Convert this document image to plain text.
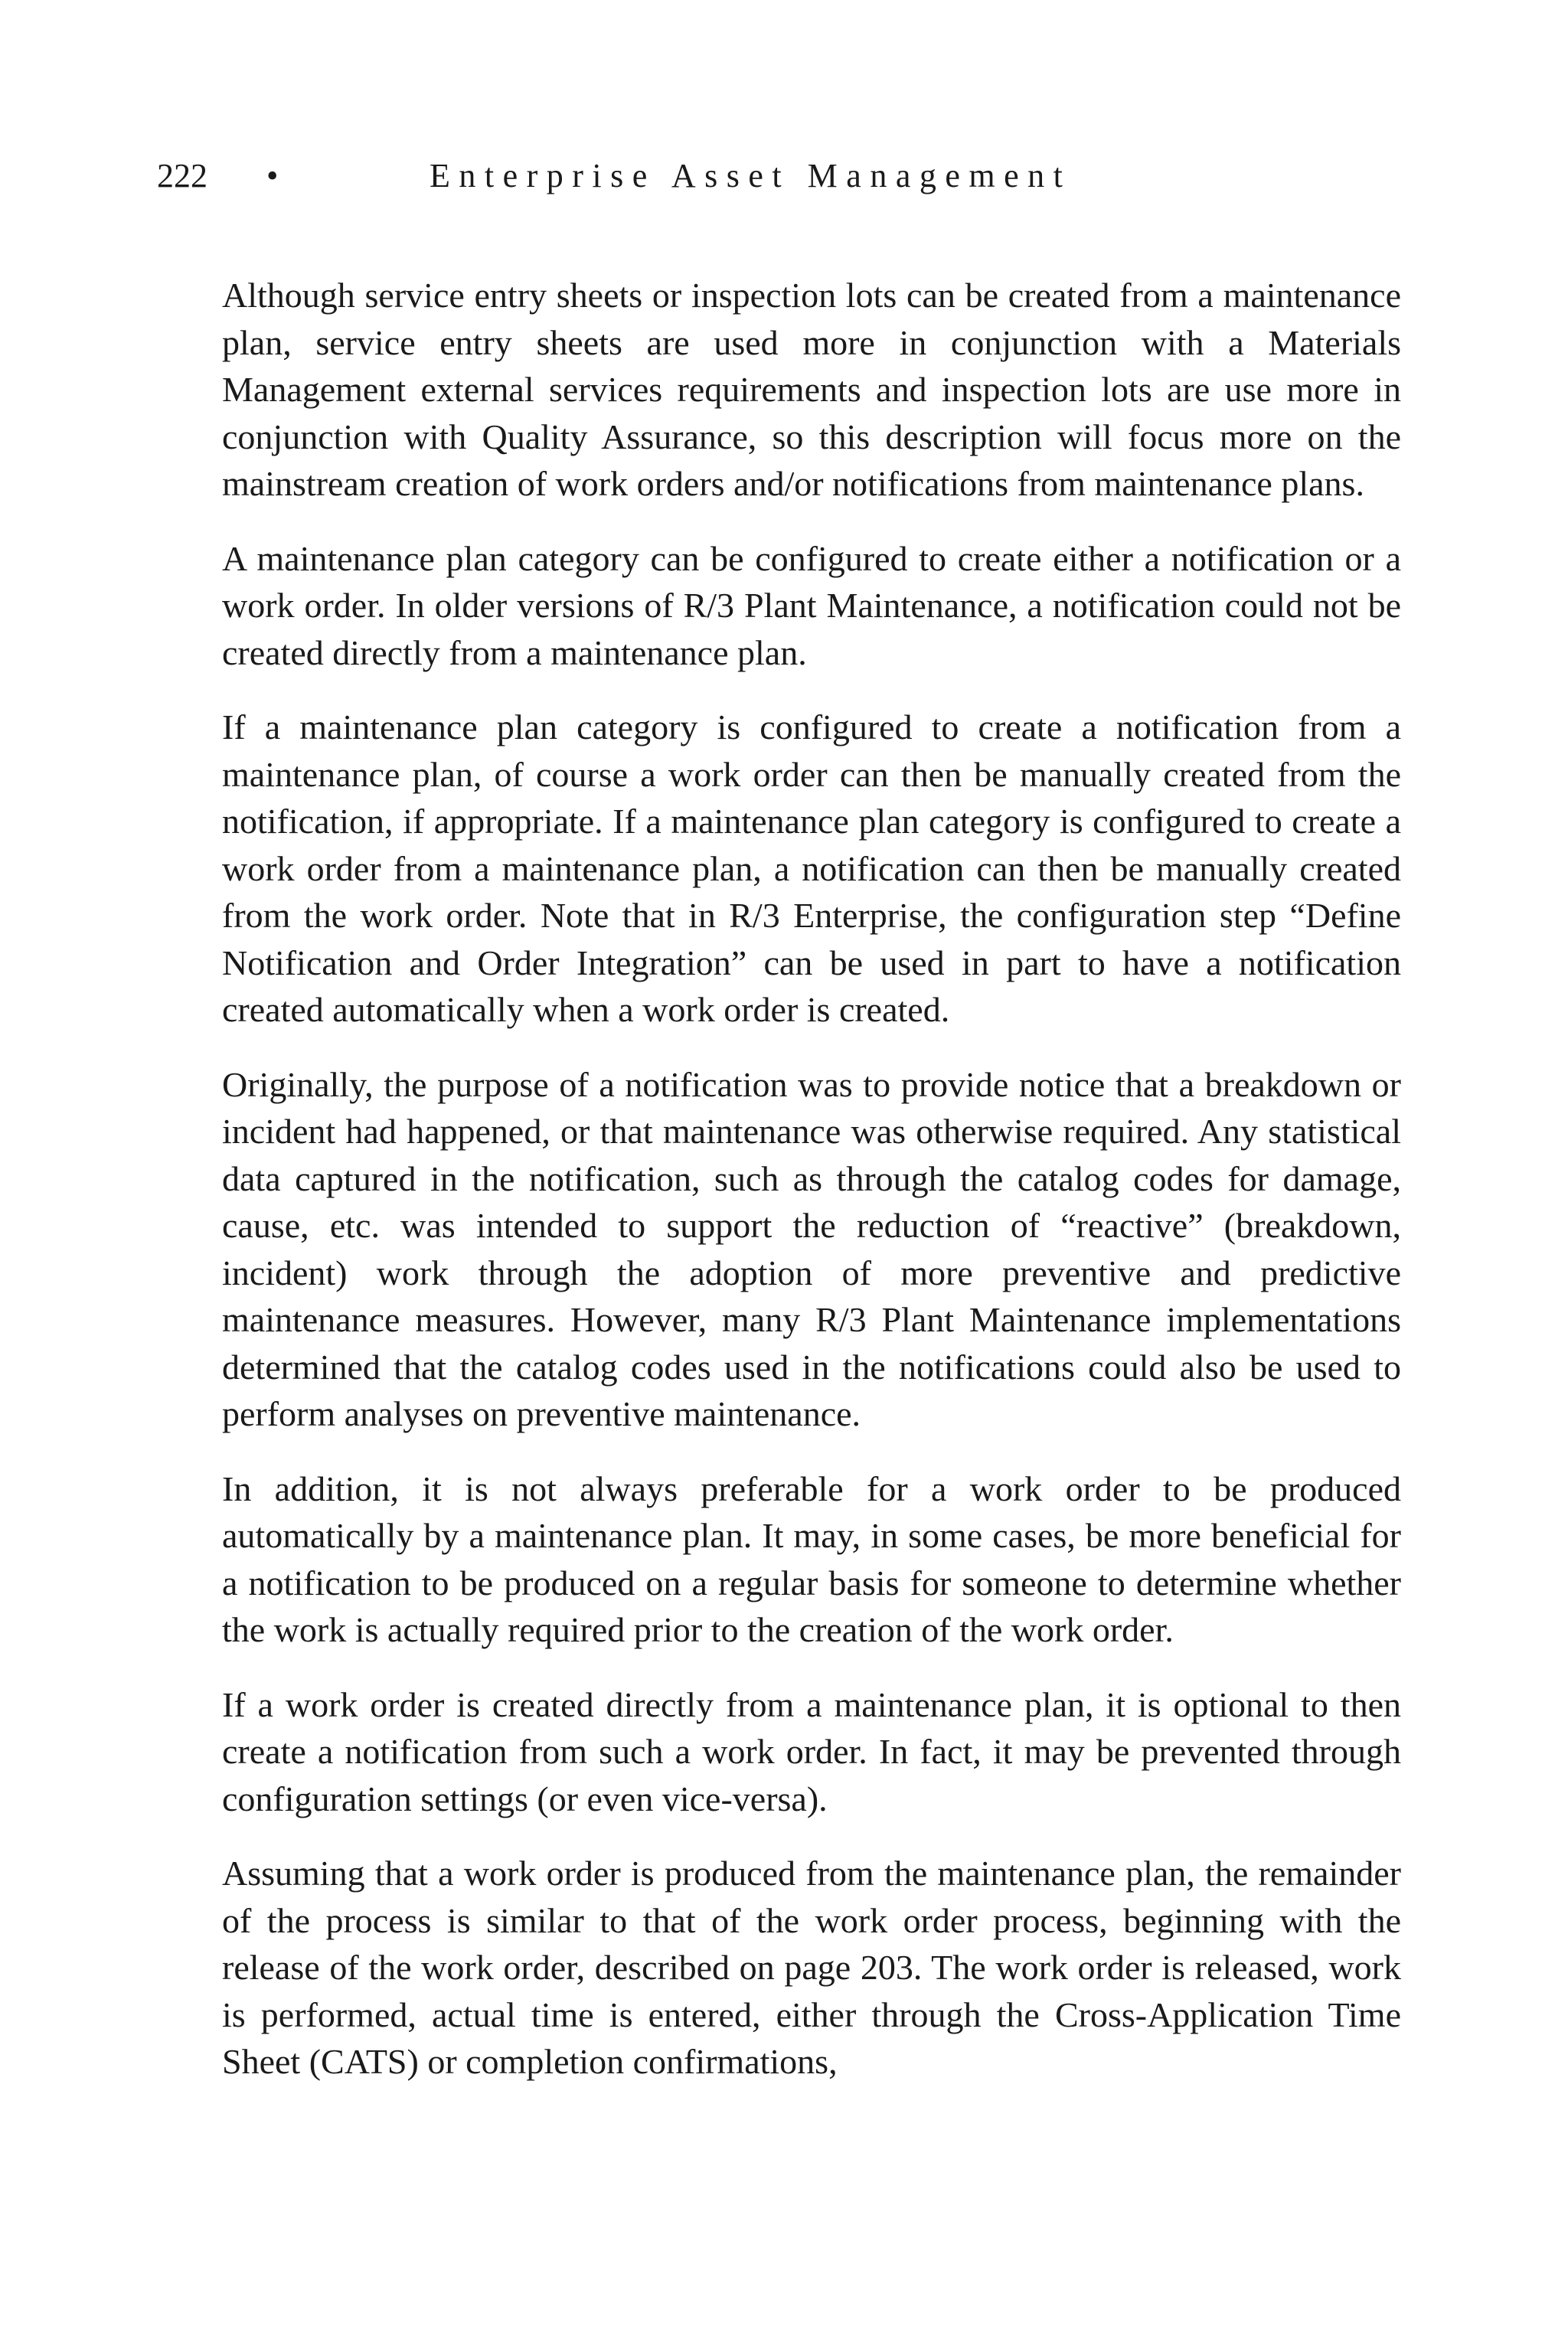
222 •	Enterprise Asset Management

Although service entry sheets or inspection lots can be created from a maintenance plan, service entry sheets are used more in conjunction with a Materials Management external services requirements and inspection lots are use more in conjunction with Quality Assurance, so this description will focus more on the mainstream creation of work orders and/or notifications from maintenance plans.

A maintenance plan category can be configured to create either a notification or a work order. In older versions of R/3 Plant Maintenance, a notification could not be created directly from a maintenance plan.

If a maintenance plan category is configured to create a notification from a maintenance plan, of course a work order can then be manually created from the notification, if appropriate. If a maintenance plan category is configured to create a work order from a maintenance plan, a notification can then be manually created from the work order. Note that in R/3 Enterprise, the configuration step “Define Notification and Order Integration” can be used in part to have a notification created automatically when a work order is created.

Originally, the purpose of a notification was to provide notice that a breakdown or incident had happened, or that maintenance was otherwise required. Any statistical data captured in the notification, such as through the catalog codes for damage, cause, etc. was intended to support the reduction of “reactive” (breakdown, incident) work through the adoption of more preventive and predictive maintenance measures. However, many R/3 Plant Maintenance implementations determined that the catalog codes used in the notifications could also be used to perform analyses on preventive maintenance.

In addition, it is not always preferable for a work order to be produced automatically by a maintenance plan. It may, in some cases, be more beneficial for a notification to be produced on a regular basis for someone to determine whether the work is actually required prior to the creation of the work order.

If a work order is created directly from a maintenance plan, it is optional to then create a notification from such a work order. In fact, it may be prevented through configuration settings (or even vice-versa).

Assuming that a work order is produced from the maintenance plan, the remainder of the process is similar to that of the work order process, beginning with the release of the work order, described on page 203. The work order is released, work is performed, actual time is entered, either through the Cross-Application Time Sheet (CATS) or completion confirmations,
